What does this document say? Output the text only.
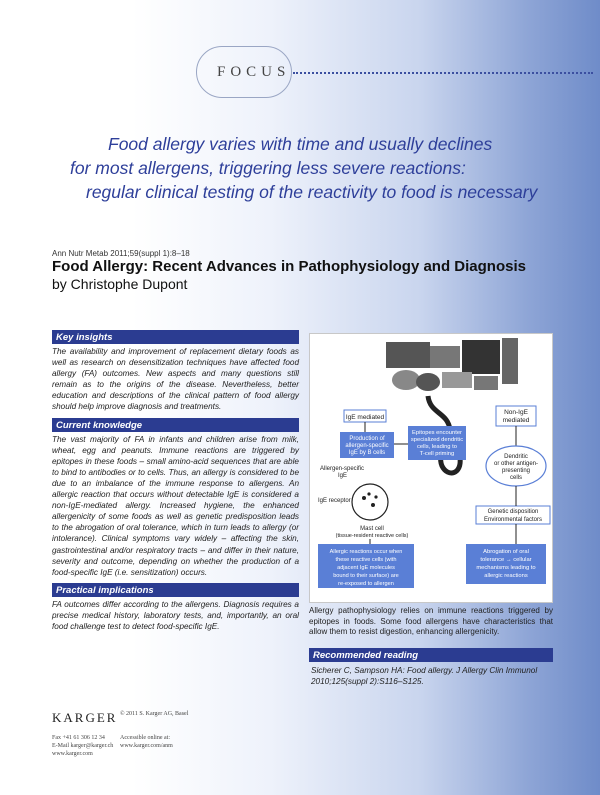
FOCUS
Food allergy varies with time and usually declines
for most allergens, triggering less severe reactions:
regular clinical testing of the reactivity to food is necessary
Ann Nutr Metab 2011;59(suppl 1):8–18
Food Allergy: Recent Advances in Pathophysiology and Diagnosis
by Christophe Dupont
Key insights
The availability and improvement of replacement dietary foods as well as research on desensitization techniques have affected food allergy (FA) outcomes. New aspects and many questions still remain as to the origins of the disease. Nevertheless, better education and descriptions of the clinical pattern of food allergy should help improve diagnosis and treatments.
Current knowledge
The vast majority of FA in infants and children arise from milk, wheat, egg and peanuts. Immune reactions are triggered by epitopes in these foods – small amino-acid sequences that are able to bind to antibodies or to cells. Thus, an allergy is considered to be due to an imbalance of the immune response to allergens. An allergic reaction that occurs without detectable IgE is considered a non-IgE-mediated allergy. Increased hygiene, the enhanced allergenicity of some foods as well as genetic predisposition leads to the abrogation of oral tolerance, which in turn leads to allergy (or intolerance). Clinical symptoms vary widely – affecting the skin, gastrointestinal and/or respiratory tracts – and differ in their nature, severity and outcome, depending on whether the production of a food-specific IgE (i.e. sensitization) occurs.
Practical implications
FA outcomes differ according to the allergens. Diagnosis requires a precise medical history, laboratory tests, and, importantly, an oral food challenge test to detect food-specific IgE.
IgE mediated
Non-IgE
mediated
Production of
allergen-specific
IgE by B cells
Epitopes encounter
specialized dendritic
cells, leading to
T-cell priming
Allergen-specific
IgE
IgE receptor
Mast cell
(tissue-resident reactive cells)
Dendritic
or other antigen-
presenting
cells
Genetic disposition
Environmental factors
Allergic reactions occur when
these reactive cells (with
adjacent IgE molecules
bound to their surface) are
re-exposed to allergen
Abrogation of oral
tolerance → cellular
mechanisms leading to
allergic reactions
Allergy pathophysiology relies on immune reactions triggered by epitopes in foods. Some food allergens have characteristics that allow them to resist digestion, enhancing allergenicity.
Recommended reading
Sicherer C, Sampson HA: Food allergy. J Allergy Clin Immunol 2010;125(suppl 2):S116–S125.
KARGER
Fax +41 61 306 12 34
E-Mail karger@karger.ch
www.karger.com
© 2011 S. Karger AG, Basel
Accessible online at:
www.karger.com/anm
